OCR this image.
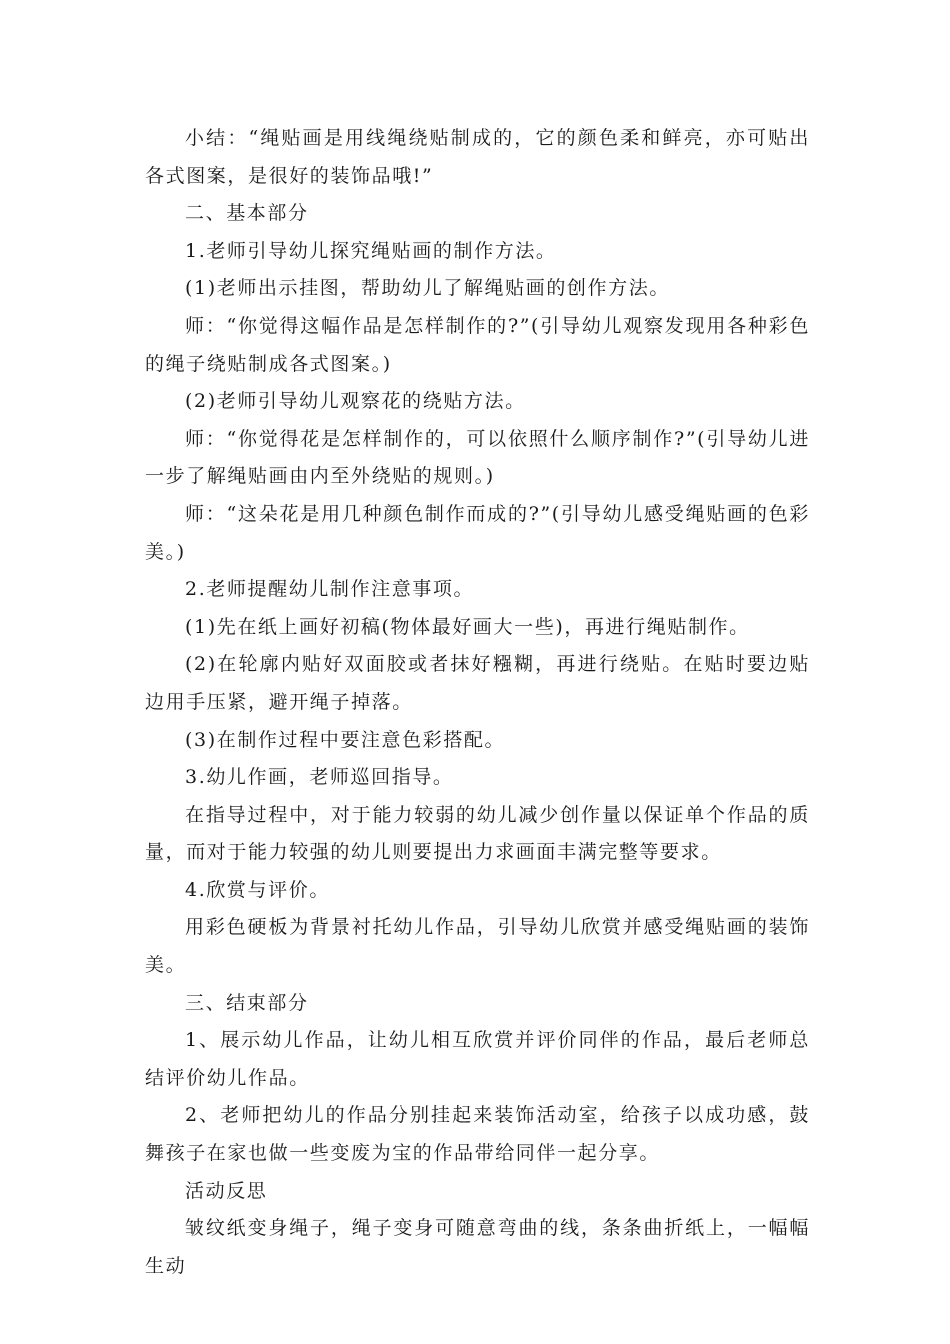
小结：“绳贴画是用线绳绕贴制成的，它的颜色柔和鲜亮，亦可贴出各式图案，是很好的装饰品哦!”

二、基本部分

1.老师引导幼儿探究绳贴画的制作方法。

(1)老师出示挂图，帮助幼儿了解绳贴画的创作方法。

师：“你觉得这幅作品是怎样制作的?”(引导幼儿观察发现用各种彩色的绳子绕贴制成各式图案。)

(2)老师引导幼儿观察花的绕贴方法。

师：“你觉得花是怎样制作的，可以依照什么顺序制作?”(引导幼儿进一步了解绳贴画由内至外绕贴的规则。)

师：“这朵花是用几种颜色制作而成的?”(引导幼儿感受绳贴画的色彩美。)

2.老师提醒幼儿制作注意事项。

(1)先在纸上画好初稿(物体最好画大一些)，再进行绳贴制作。

(2)在轮廓内贴好双面胶或者抹好糨糊，再进行绕贴。在贴时要边贴边用手压紧，避开绳子掉落。

(3)在制作过程中要注意色彩搭配。

3.幼儿作画，老师巡回指导。

在指导过程中，对于能力较弱的幼儿减少创作量以保证单个作品的质量，而对于能力较强的幼儿则要提出力求画面丰满完整等要求。

4.欣赏与评价。

用彩色硬板为背景衬托幼儿作品，引导幼儿欣赏并感受绳贴画的装饰美。

三、结束部分

1、展示幼儿作品，让幼儿相互欣赏并评价同伴的作品，最后老师总结评价幼儿作品。

2、老师把幼儿的作品分别挂起来装饰活动室，给孩子以成功感，鼓舞孩子在家也做一些变废为宝的作品带给同伴一起分享。

活动反思

皱纹纸变身绳子，绳子变身可随意弯曲的线，条条曲折纸上，一幅幅生动
